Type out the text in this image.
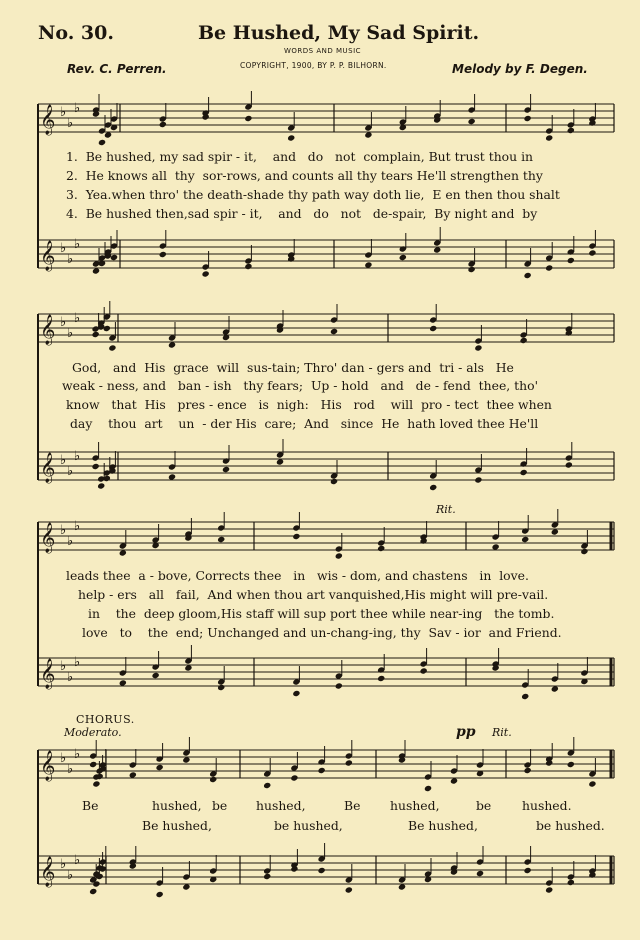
No. 30.	Be Hushed, My Sad Spirit.
WORDS AND MUSIC
COPYRIGHT, 1900, BY P. P. BILHORN.
Rev. C. Perren.	Melody by F. Degen.
𝄞 ♭
♭
♭
𝄞 ♭
♭
♭
𝄞 ♭
♭
♭
𝄞 ♭
♭
♭
𝄞 ♭
♭
♭
𝄞 ♭
♭
♭
𝄞 ♭
♭
♭
𝄞 ♭
♭
♭
1.  Be hushed, my sad spir - it,    and   do   not  complain, But trust thou in
2.  He knows all  thy  sor-rows, and counts all thy tears He'll strengthen thy
3.  Yea.when thro' the death-shade thy path way doth lie,  E en then thou shalt
4.  Be hushed then,sad spir - it,    and   do   not   de-spair,  By night and  by
God,   and  His  grace  will  sus-tain; Thro' dan - gers and  tri - als   He
weak - ness, and   ban - ish   thy fears;  Up - hold   and   de - fend  thee, tho'
know   that  His   pres - ence   is  nigh:   His   rod    will  pro - tect  thee when
day    thou  art    un  - der His  care;  And   since  He  hath loved thee He'll
Rit.
leads thee  a - bove, Corrects thee   in   wis - dom, and chastens   in  love.
help - ers   all   fail,  And when thou art vanquished,His might will pre-vail.
in    the  deep gloom,His staff will sup port thee while near-ing   the tomb.
love   to    the  end; Unchanged and un-chang-ing, thy  Sav - ior  and Friend.
CHORUS.
Moderato.	pp Rit.
Be	hushed, be hushed,	Be hushed,	be hushed.
Be hushed,	be hushed,	Be hushed,	be hushed.
